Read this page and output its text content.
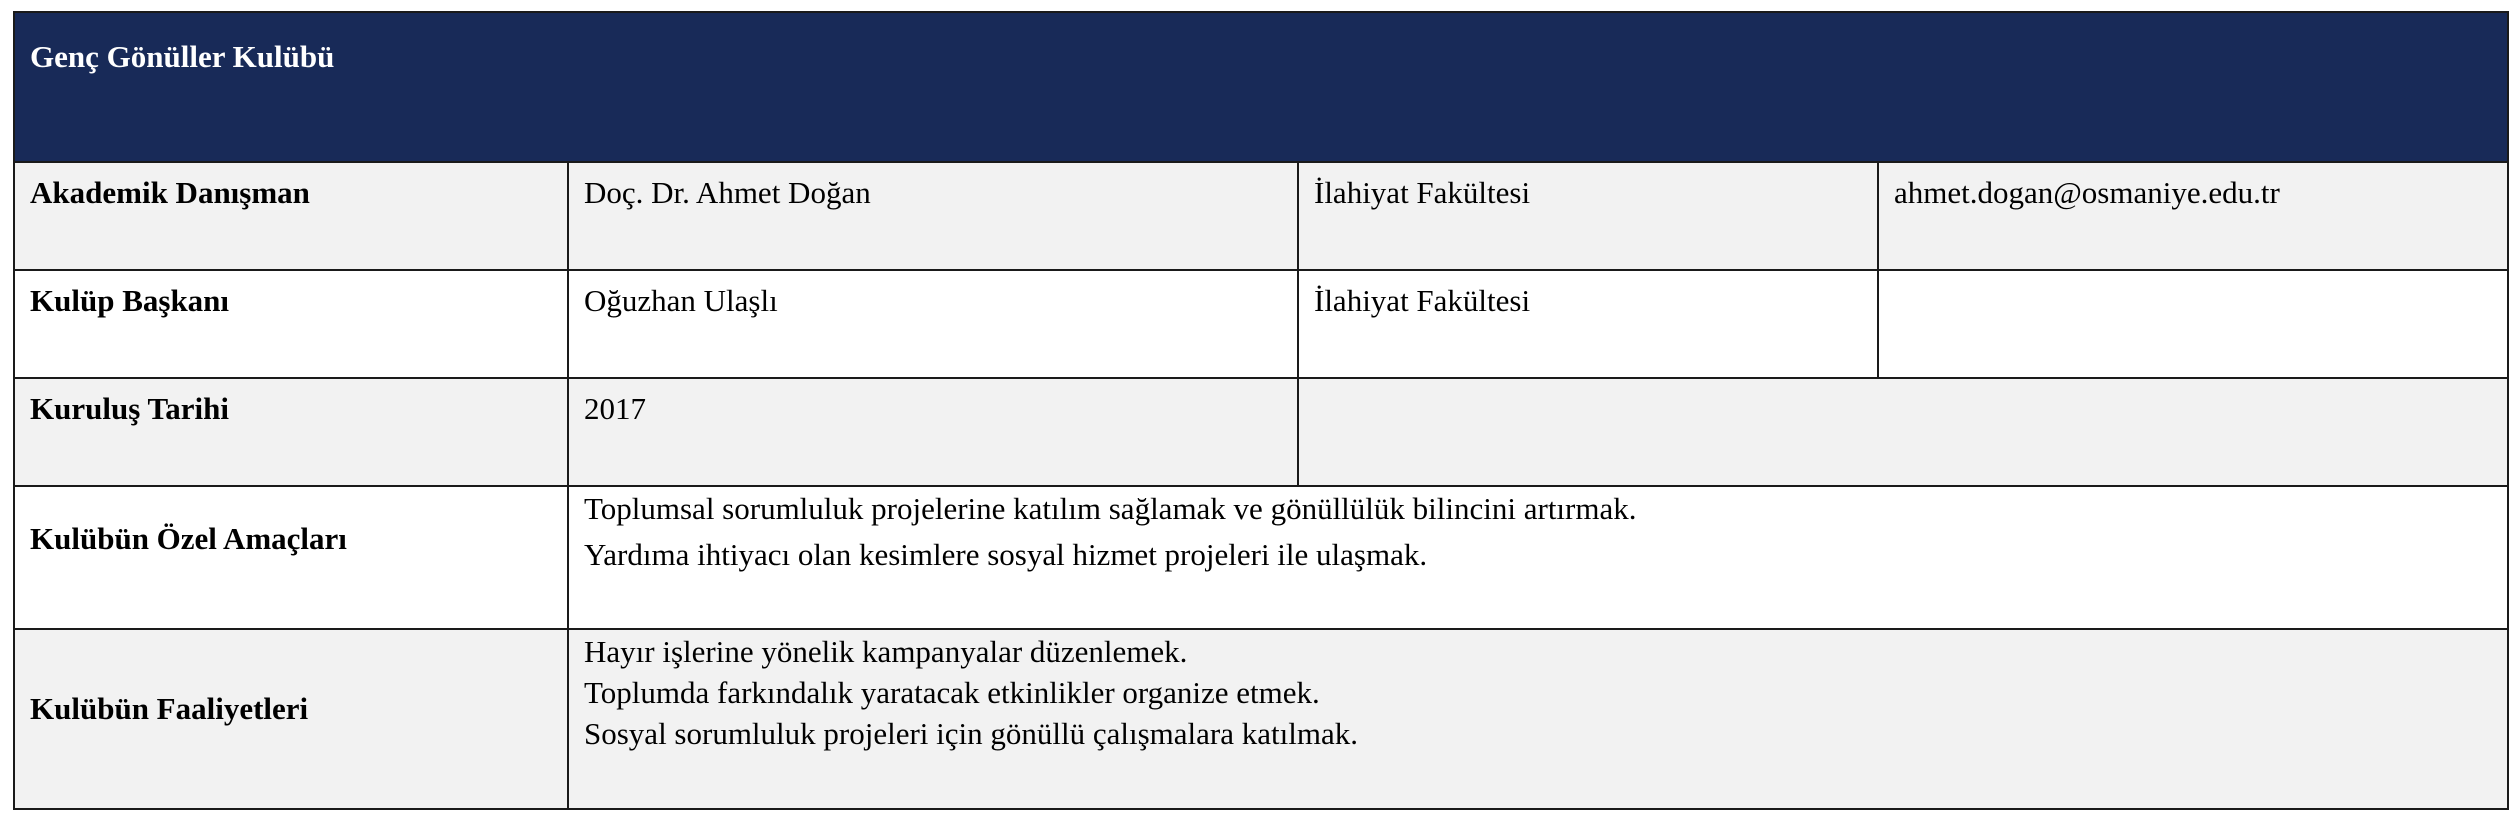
Genç Gönüller Kulübü			
Akademik Danışman	Doç. Dr. Ahmet Doğan	İlahiyat Fakültesi	ahmet.dogan@osmaniye.edu.tr
Kulüp Başkanı	Oğuzhan Ulaşlı	İlahiyat Fakültesi	
Kuruluş Tarihi	2017		
Kulübün Özel Amaçları	Toplumsal sorumluluk projelerine katılım sağlamak ve gönüllülük bilincini artırmak.
Yardıma ihtiyacı olan kesimlere sosyal hizmet projeleri ile ulaşmak.		

Kulübün Faaliyetleri	Hayır işlerine yönelik kampanyalar düzenlemek.
Toplumda farkındalık yaratacak etkinlikler organize etmek.
Sosyal sorumluluk projeleri için gönüllü çalışmalara katılmak.		
